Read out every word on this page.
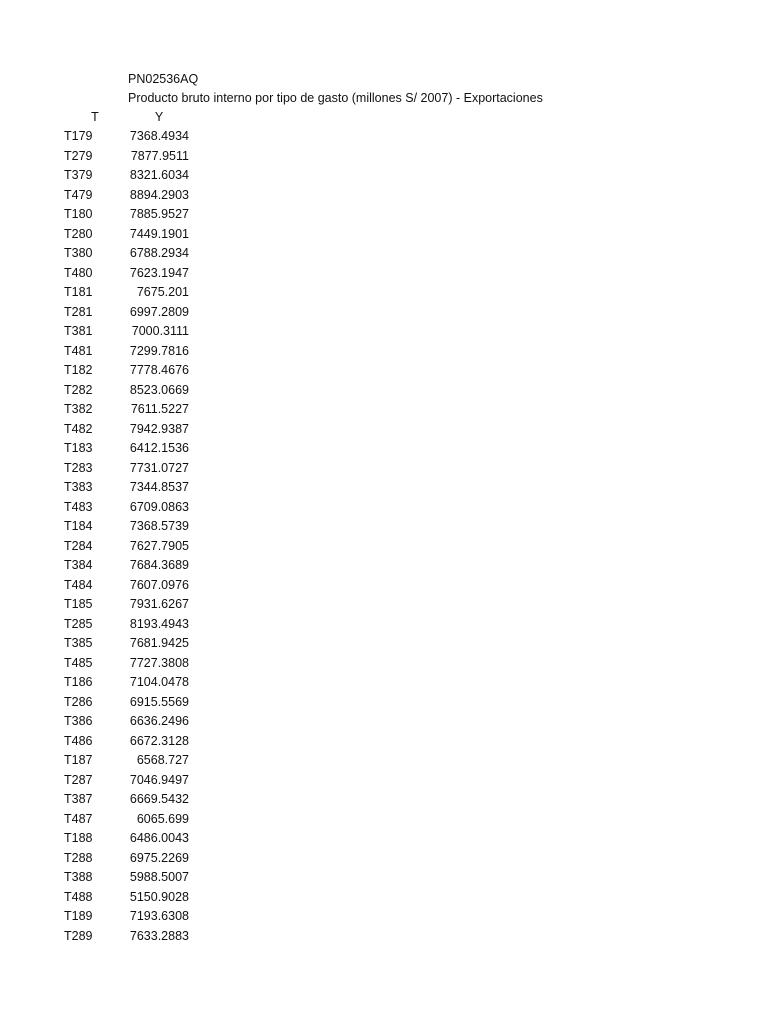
PN02536AQ
Producto bruto interno por tipo de gasto (millones S/ 2007) - Exportaciones
T	Y
T179	7368.4934
T279	7877.9511
T379	8321.6034
T479	8894.2903
T180	7885.9527
T280	7449.1901
T380	6788.2934
T480	7623.1947
T181	7675.201
T281	6997.2809
T381	7000.3111
T481	7299.7816
T182	7778.4676
T282	8523.0669
T382	7611.5227
T482	7942.9387
T183	6412.1536
T283	7731.0727
T383	7344.8537
T483	6709.0863
T184	7368.5739
T284	7627.7905
T384	7684.3689
T484	7607.0976
T185	7931.6267
T285	8193.4943
T385	7681.9425
T485	7727.3808
T186	7104.0478
T286	6915.5569
T386	6636.2496
T486	6672.3128
T187	6568.727
T287	7046.9497
T387	6669.5432
T487	6065.699
T188	6486.0043
T288	6975.2269
T388	5988.5007
T488	5150.9028
T189	7193.6308
T289	7633.2883
